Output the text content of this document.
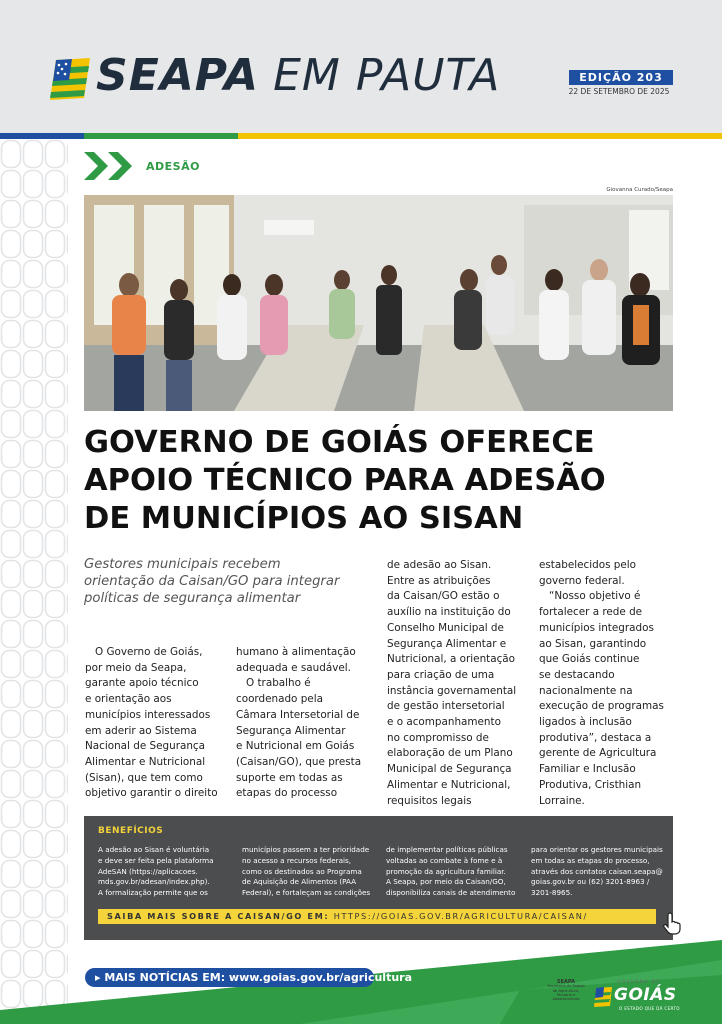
SEAPA EM PAUTA	EDIÇÃO 203
22 DE SETEMBRO DE 2025
ADESÃO
Giovanna Curado/Seapa
GOVERNO DE GOIÁS OFERECE
APOIO TÉCNICO PARA ADESÃO
DE MUNICÍPIOS AO SISAN
Gestores municipais recebem
orientação da Caisan/GO para integrar
políticas de segurança alimentar
O Governo de Goiás,
por meio da Seapa,
garante apoio técnico
e orientação aos
municípios interessados
em aderir ao Sistema
Nacional de Segurança
Alimentar e Nutricional
(Sisan), que tem como
objetivo garantir o direito
humano à alimentação
adequada e saudável.
O trabalho é
coordenado pela
Câmara Intersetorial de
Segurança Alimentar
e Nutricional em Goiás
(Caisan/GO), que presta
suporte em todas as
etapas do processo
de adesão ao Sisan.
Entre as atribuições
da Caisan/GO estão o
auxílio na instituição do
Conselho Municipal de
Segurança Alimentar e
Nutricional, a orientação
para criação de uma
instância governamental
de gestão intersetorial
e o acompanhamento
no compromisso de
elaboração de um Plano
Municipal de Segurança
Alimentar e Nutricional,
requisitos legais
estabelecidos pelo
governo federal.
“Nosso objetivo é
fortalecer a rede de
municípios integrados
ao Sisan, garantindo
que Goiás continue
se destacando
nacionalmente na
execução de programas
ligados à inclusão
produtiva”, destaca a
gerente de Agricultura
Familiar e Inclusão
Produtiva, Cristhian
Lorraine.
BENEFÍCIOS
A adesão ao Sisan é voluntária
e deve ser feita pela plataforma
AdeSAN (https://aplicacoes.
mds.gov.br/adesan/index.php).
A formalização permite que os
municípios passem a ter prioridade
no acesso a recursos federais,
como os destinados ao Programa
de Aquisição de Alimentos (PAA
Federal), e fortaleçam as condições
de implementar políticas públicas
voltadas ao combate à fome e à
promoção da agricultura familiar.
A Seapa, por meio da Caisan/GO,
disponibiliza canais de atendimento
para orientar os gestores municipais
em todas as etapas do processo,
através dos contatos caisan.seapa@
goias.gov.br ou (62) 3201-8963 /
3201-8965.
SAIBA MAIS SOBRE A CAISAN/GO EM: HTTPS://GOIAS.GOV.BR/AGRICULTURA/CAISAN/
▸ MAIS NOTÍCIAS EM: www.goias.gov.br/agricultura	SEAPA
Secretaria de Estado
de Agricultura,
Pecuária e
Abastecimento
GOVERNO DE
GOIÁS
O ESTADO QUE DÁ CERTO
